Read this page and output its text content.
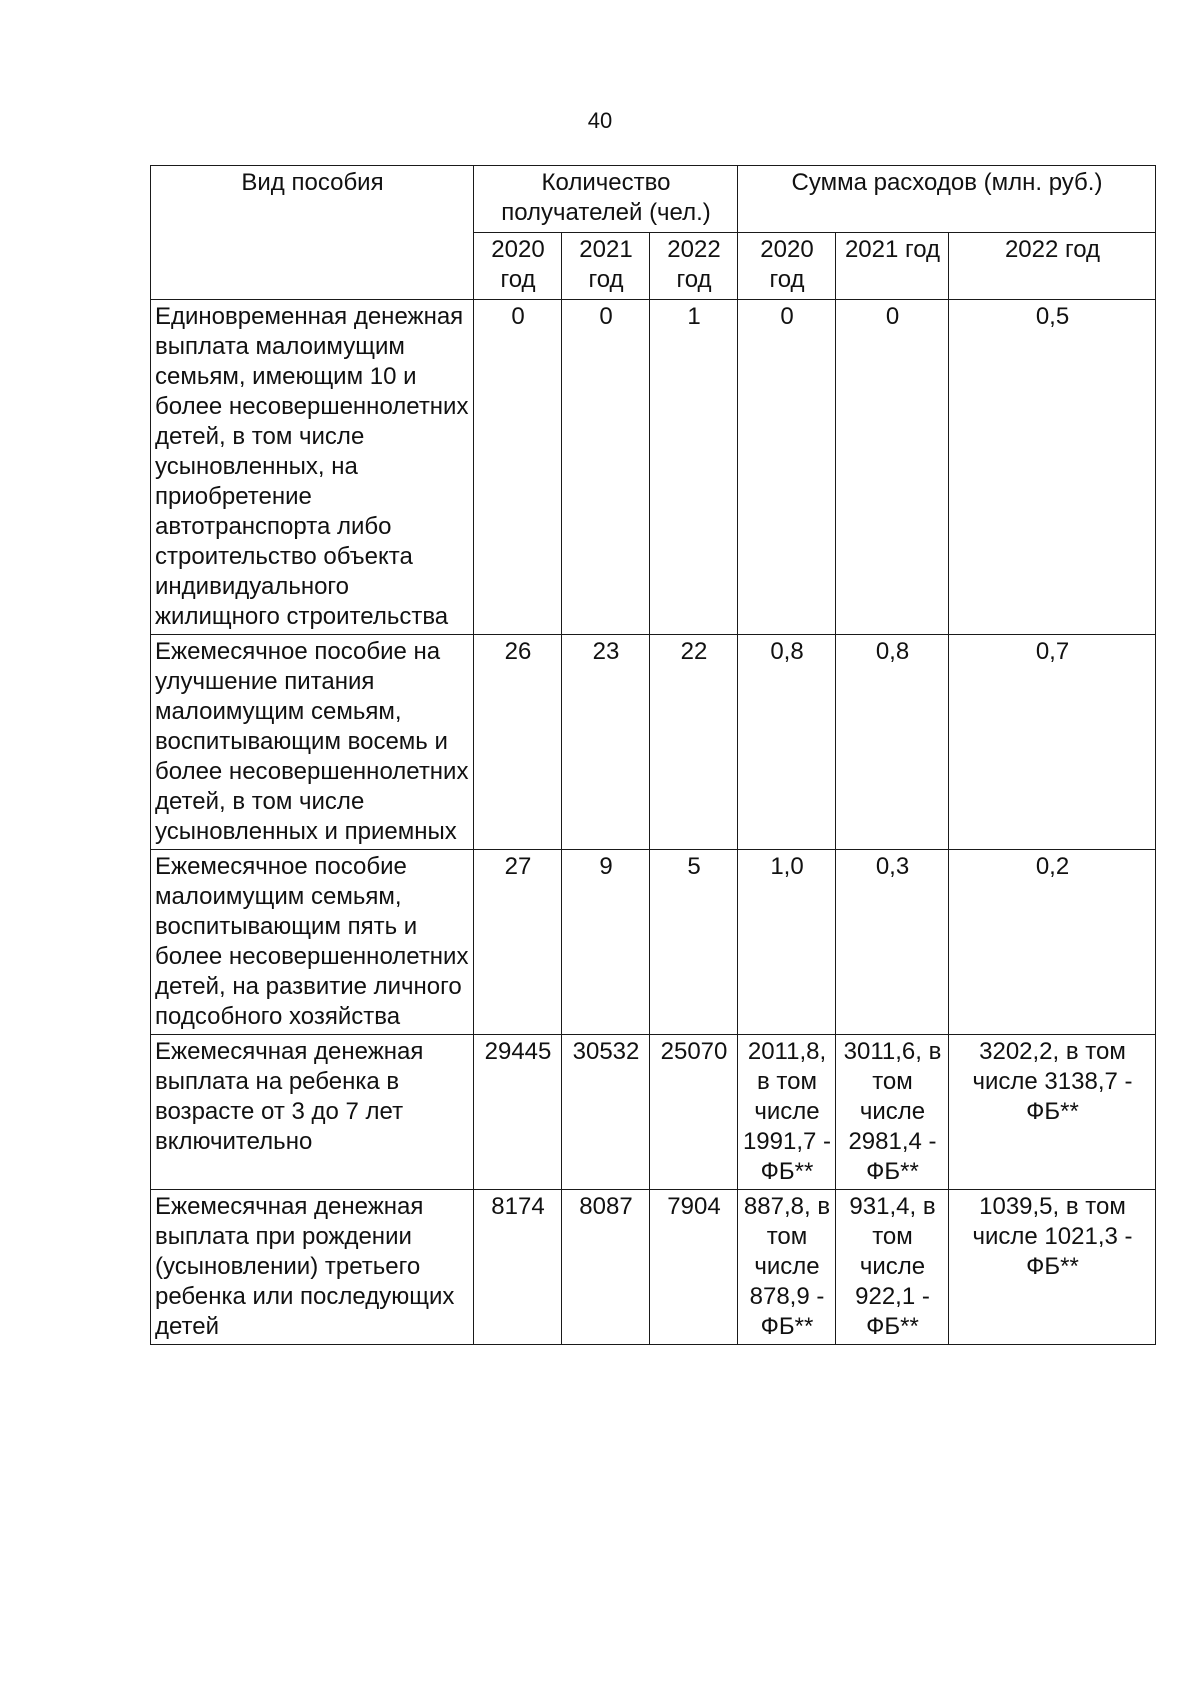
40
Вид пособия	Количество получателей (чел.)			Сумма расходов (млн. руб.)		
	2020 год	2021 год	2022 год	2020 год	2021 год	2022 год
Единовременная денежная выплата малоимущим семьям, имеющим 10 и более несовершеннолетних детей, в том числе усыновленных, на приобретение автотранспорта либо строительство объекта индивидуального жилищного строительства	0	0	1	0	0	0,5
Ежемесячное пособие на улучшение питания малоимущим семьям, воспитывающим восемь и более несовершеннолетних детей, в том числе усыновленных и приемных	26	23	22	0,8	0,8	0,7
Ежемесячное пособие малоимущим семьям, воспитывающим пять и более несовершеннолетних детей, на развитие личного подсобного хозяйства	27	9	5	1,0	0,3	0,2
Ежемесячная денежная выплата на ребенка в возрасте от 3 до 7 лет включительно	29445	30532	25070	2011,8, в том числе 1991,7 - ФБ**	3011,6, в том числе 2981,4 - ФБ**	3202,2, в том числе 3138,7 - ФБ**
Ежемесячная денежная выплата при рождении (усыновлении) третьего ребенка или последующих детей	8174	8087	7904	887,8, в том числе 878,9 - ФБ**	931,4, в том числе 922,1 - ФБ**	1039,5, в том числе 1021,3 - ФБ**
